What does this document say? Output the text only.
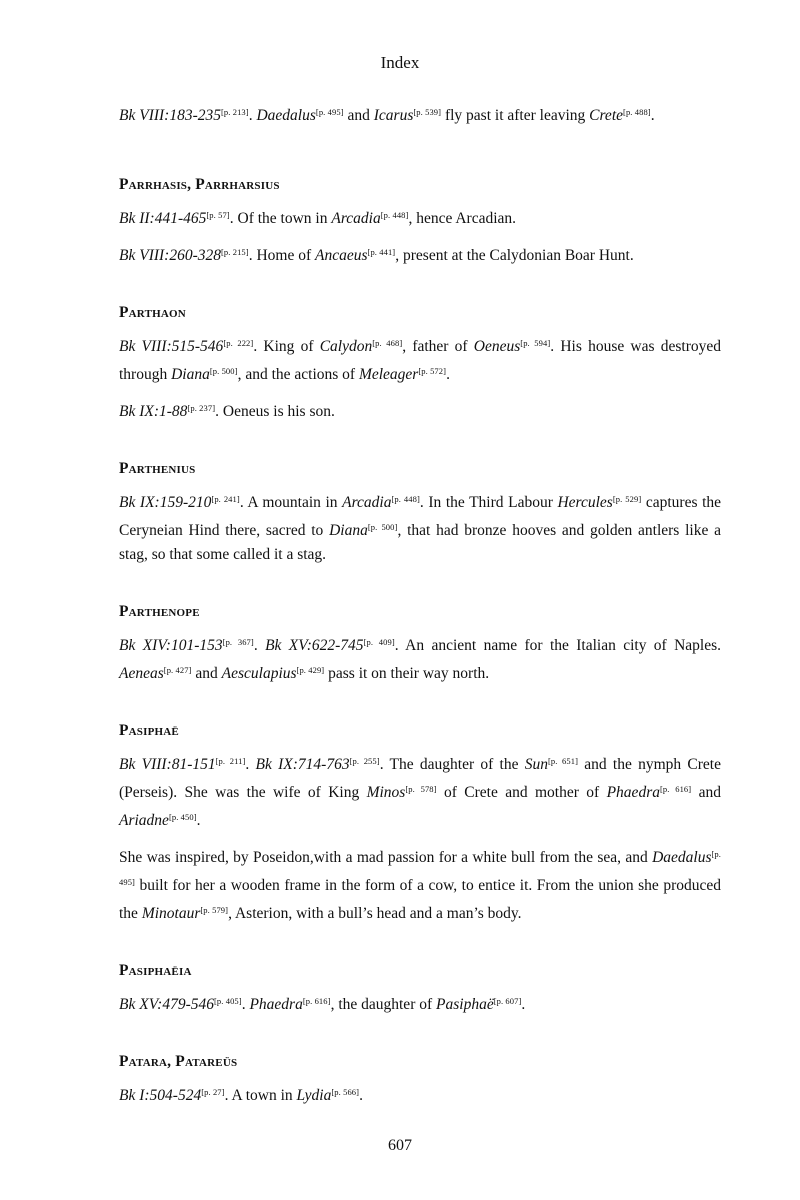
Index
Bk VIII:183-235[p. 213]. Daedalus[p. 495] and Icarus[p. 539] fly past it after leaving Crete[p. 488].
Parrhasis, Parrharsius
Bk II:441-465[p. 57]. Of the town in Arcadia[p. 448], hence Arcadian.
Bk VIII:260-328[p. 215]. Home of Ancaeus[p. 441], present at the Calydonian Boar Hunt.
Parthaon
Bk VIII:515-546[p. 222]. King of Calydon[p. 468], father of Oeneus[p. 594]. His house was destroyed through Diana[p. 500], and the actions of Meleager[p. 572].
Bk IX:1-88[p. 237]. Oeneus is his son.
Parthenius
Bk IX:159-210[p. 241]. A mountain in Arcadia[p. 448]. In the Third Labour Hercules[p. 529] captures the Ceryneian Hind there, sacred to Diana[p. 500], that had bronze hooves and golden antlers like a stag, so that some called it a stag.
Parthenope
Bk XIV:101-153[p. 367]. Bk XV:622-745[p. 409]. An ancient name for the Italian city of Naples. Aeneas[p. 427] and Aesculapius[p. 429] pass it on their way north.
Pasiphaë
Bk VIII:81-151[p. 211]. Bk IX:714-763[p. 255]. The daughter of the Sun[p. 651] and the nymph Crete (Perseis). She was the wife of King Minos[p. 578] of Crete and mother of Phaedra[p. 616] and Ariadne[p. 450].
She was inspired, by Poseidon,with a mad passion for a white bull from the sea, and Daedalus[p. 495] built for her a wooden frame in the form of a cow, to entice it. From the union she produced the Minotaur[p. 579], Asterion, with a bull’s head and a man’s body.
Pasiphaëia
Bk XV:479-546[p. 405]. Phaedra[p. 616], the daughter of Pasiphaë[p. 607].
Patara, Patareüs
Bk I:504-524[p. 27]. A town in Lydia[p. 566].
607
